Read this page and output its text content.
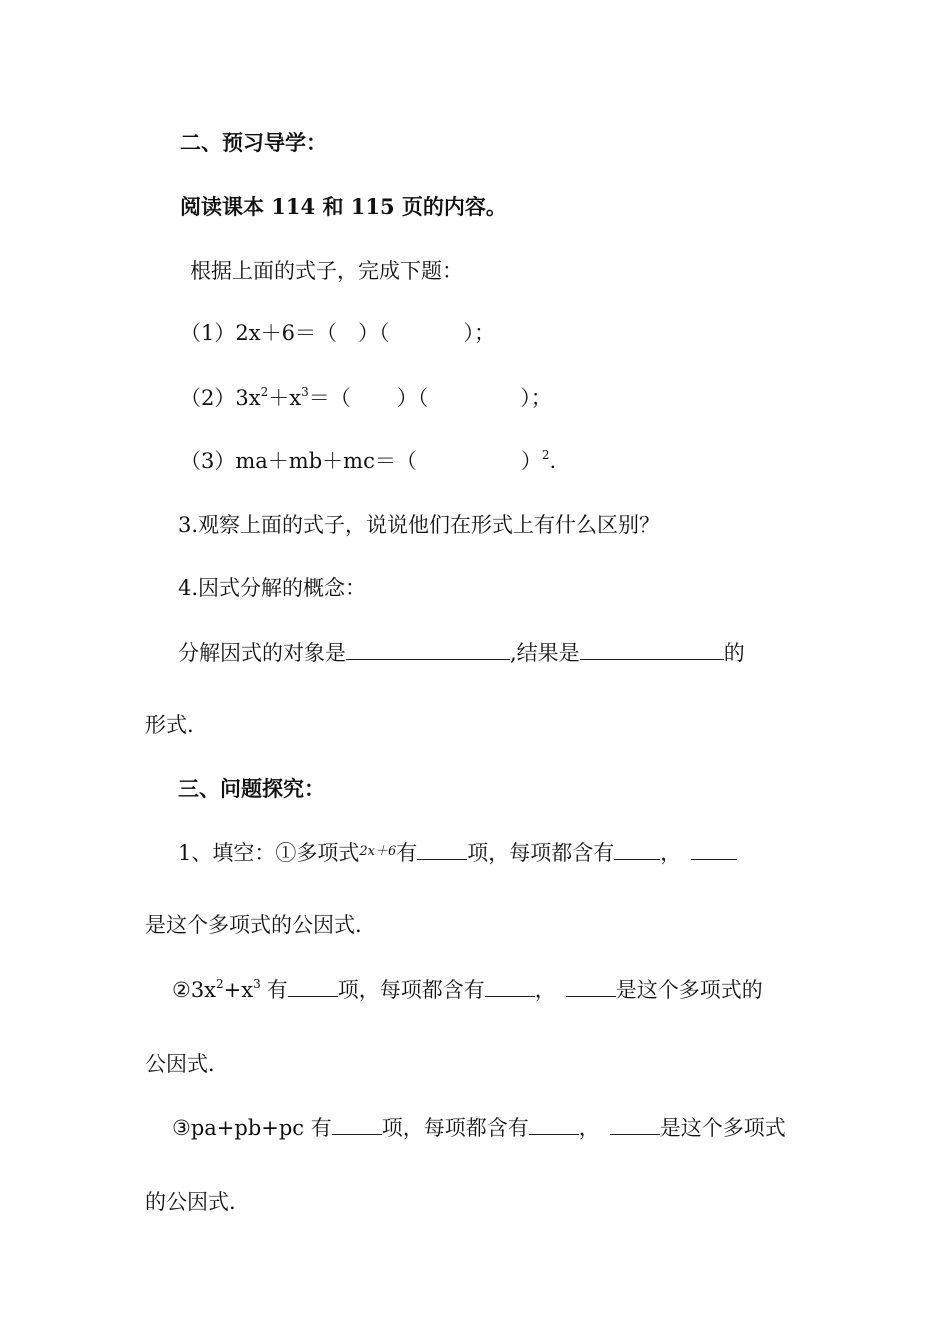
二、预习导学：
阅读课本 114 和 115 页的内容。
根据上面的式子，完成下题：
（1）2x＋6＝（　）（	）；
$(2)3x^2+x^3=$（ ）（	）；
（3）ma＋mb＋mc＝（	）$^2$.
3.观察上面的式子，说说他们在形式上有什么区别？
4.因式分解的概念：
分解因式的对象是	,结果是	的
形式.
三、问题探究：
1、填空：①多项式$^{2x+6}$有 项，每项都含有 ，
是这个多项式的公因式.
$②3x^2+x^3$ 有 项，每项都含有 ，	是这个多项式的
公因式.
③pa+pb+pc 有 项，每项都含有 ，	是这个多项式
的公因式.
